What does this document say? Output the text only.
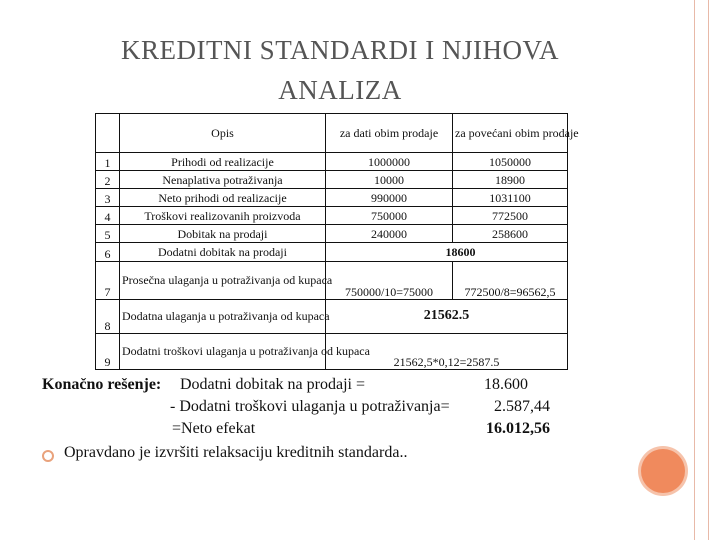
KREDITNI STANDARDI I NJIHOVA
ANALIZA
	Opis	za dati obim prodaje	za povećani obim prodaje
1	Prihodi od realizacije	1000000	1050000
2	Nenaplativa potraživanja	10000	18900
3	Neto prihodi od realizacije	990000	1031100
4	Troškovi realizovanih proizvoda	750000	772500
5	Dobitak na prodaji	240000	258600
6	Dodatni dobitak na prodaji	18600	
7	Prosečna ulaganja u potraživanja od kupaca	750000/10=75000	772500/8=96562,5
8	Dodatna ulaganja u potraživanja od kupaca	21562.5	
9	Dodatni troškovi ulaganja u potraživanja od kupaca	21562,5*0,12=2587.5	
Konačno rešenje: Dodatni dobitak na prodaji =	18.600
- Dodatni troškovi ulaganja u potraživanja=	2.587,44
=Neto efekat	16.012,56
Opravdano je izvršiti relaksaciju kreditnih standarda..
